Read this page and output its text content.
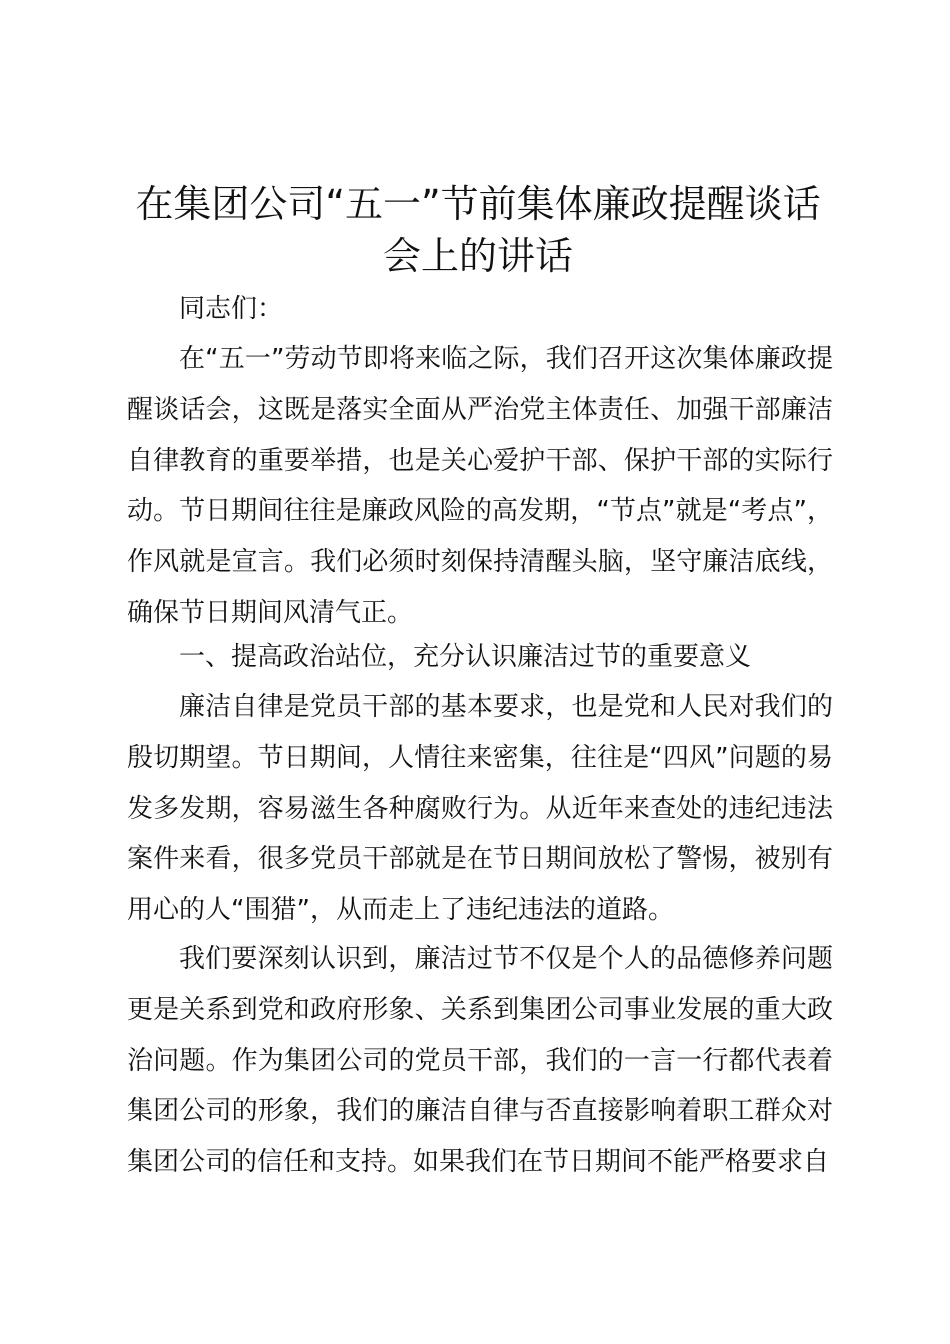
在集团公司“五一”节前集体廉政提醒谈话会上的讲话

同志们：

在“五一”劳动节即将来临之际，我们召开这次集体廉政提醒谈话会，这既是落实全面从严治党主体责任、加强干部廉洁自律教育的重要举措，也是关心爱护干部、保护干部的实际行动。节日期间往往是廉政风险的高发期，“节点”就是“考点”，作风就是宣言。我们必须时刻保持清醒头脑，坚守廉洁底线，确保节日期间风清气正。

一、提高政治站位，充分认识廉洁过节的重要意义

廉洁自律是党员干部的基本要求，也是党和人民对我们的殷切期望。节日期间，人情往来密集，往往是“四风”问题的易发多发期，容易滋生各种腐败行为。从近年来查处的违纪违法案件来看，很多党员干部就是在节日期间放松了警惕，被别有用心的人“围猎”，从而走上了违纪违法的道路。

我们要深刻认识到，廉洁过节不仅是个人的品德修养问题更是关系到党和政府形象、关系到集团公司事业发展的重大政治问题。作为集团公司的党员干部，我们的一言一行都代表着集团公司的形象，我们的廉洁自律与否直接影响着职工群众对集团公司的信任和支持。如果我们在节日期间不能严格要求自
